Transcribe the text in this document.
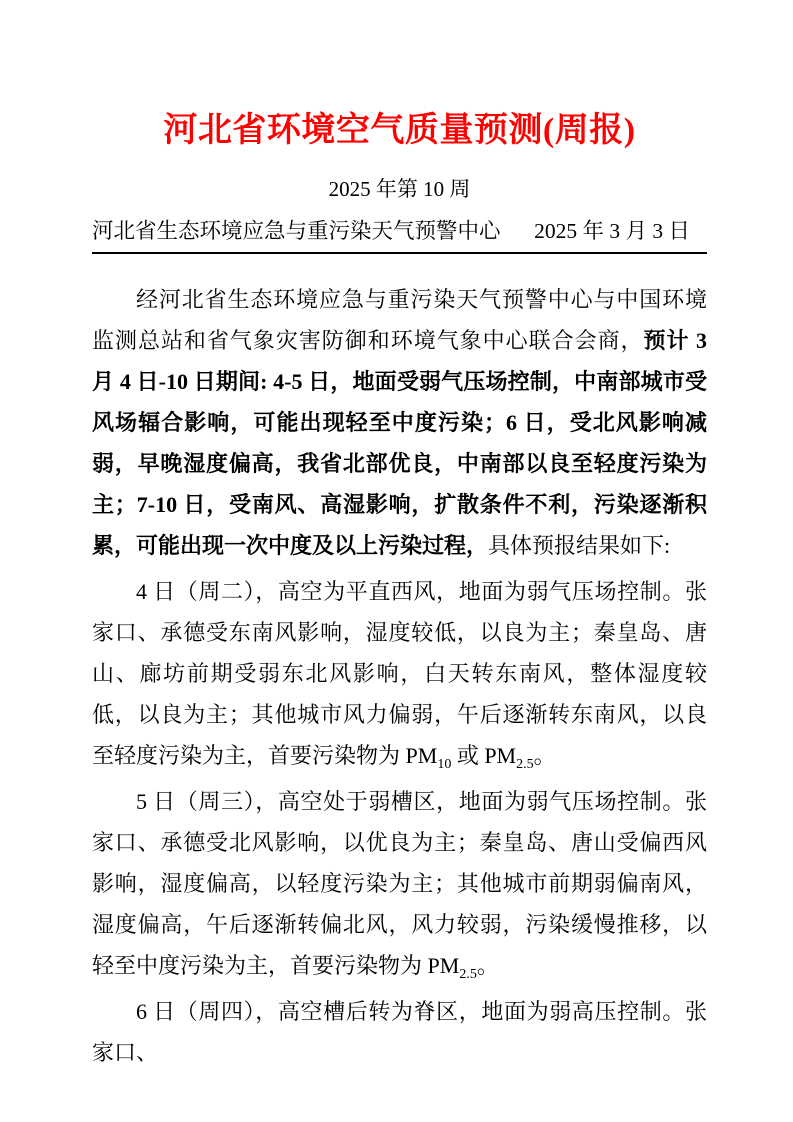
河北省环境空气质量预测(周报)
2025 年第 10 周
河北省生态环境应急与重污染天气预警中心 2025 年 3 月 3 日

经河北省生态环境应急与重污染天气预警中心与中国环境监测总站和省气象灾害防御和环境气象中心联合会商，预计 3 月 4 日-10 日期间: 4-5 日，地面受弱气压场控制，中南部城市受风场辐合影响，可能出现轻至中度污染；6 日，受北风影响减弱，早晚湿度偏高，我省北部优良，中南部以良至轻度污染为主；7-10 日，受南风、高湿影响，扩散条件不利，污染逐渐积累，可能出现一次中度及以上污染过程，具体预报结果如下:

4 日（周二），高空为平直西风，地面为弱气压场控制。张家口、承德受东南风影响，湿度较低，以良为主；秦皇岛、唐山、廊坊前期受弱东北风影响，白天转东南风，整体湿度较低，以良为主；其他城市风力偏弱，午后逐渐转东南风，以良至轻度污染为主，首要污染物为 $PM_{10}$ 或 $PM_{2.5}$。

5 日（周三），高空处于弱槽区，地面为弱气压场控制。张家口、承德受北风影响，以优良为主；秦皇岛、唐山受偏西风影响，湿度偏高，以轻度污染为主；其他城市前期弱偏南风，湿度偏高，午后逐渐转偏北风，风力较弱，污染缓慢推移，以轻至中度污染为主，首要污染物为 $PM_{2.5}$。

6 日（周四），高空槽后转为脊区，地面为弱高压控制。张家口、
